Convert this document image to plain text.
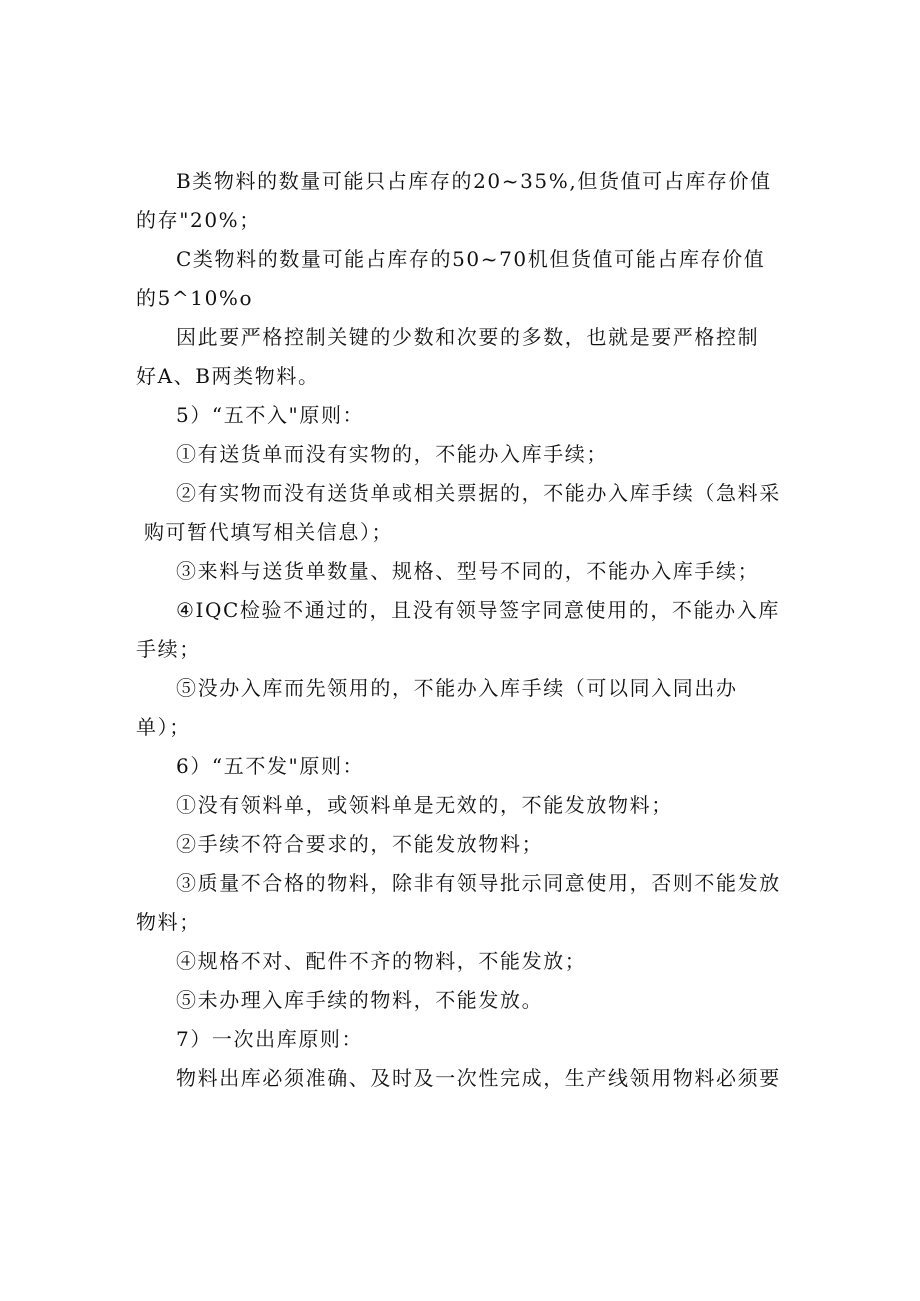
B类物料的数量可能只占库存的20~35%,但货值可占库存价值
的存"20%；
C类物料的数量可能占库存的50~70机但货值可能占库存价值
的5^10%o
因此要严格控制关键的少数和次要的多数，也就是要严格控制
好A、B两类物料。
5）“五不入"原则：
①有送货单而没有实物的，不能办入库手续；
②有实物而没有送货单或相关票据的，不能办入库手续（急料采
购可暂代填写相关信息）；
③来料与送货单数量、规格、型号不同的，不能办入库手续；
④IQC检验不通过的，且没有领导签字同意使用的，不能办入库
手续；
⑤没办入库而先领用的，不能办入库手续（可以同入同出办
单）；
6）“五不发"原则：
①没有领料单，或领料单是无效的，不能发放物料；
②手续不符合要求的，不能发放物料；
③质量不合格的物料，除非有领导批示同意使用，否则不能发放
物料；
④规格不对、配件不齐的物料，不能发放；
⑤未办理入库手续的物料，不能发放。
7）一次出库原则：
物料出库必须准确、及时及一次性完成，生产线领用物料必须要
